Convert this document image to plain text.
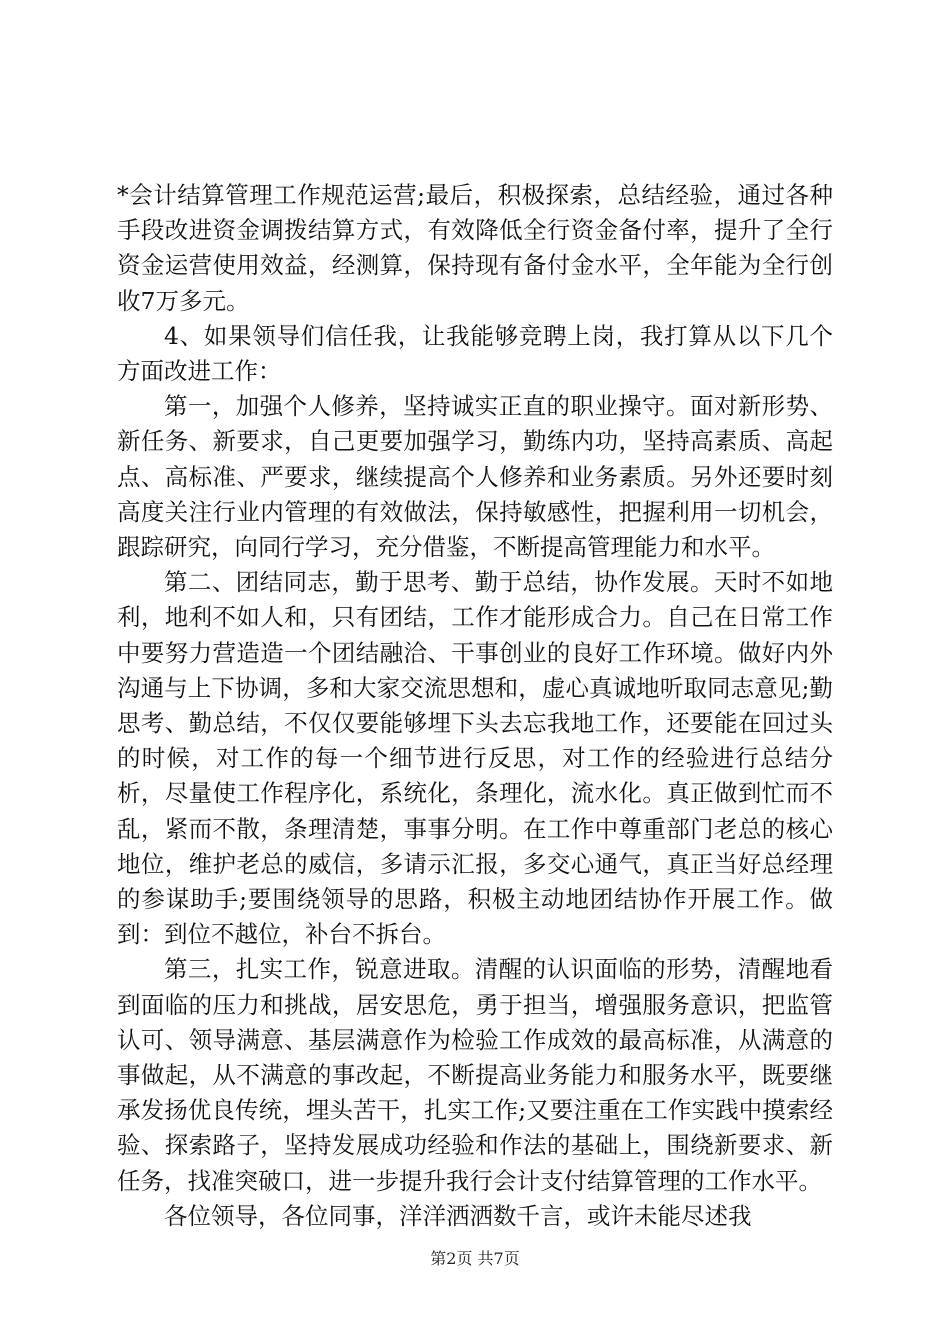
*会计结算管理工作规范运营;最后，积极探索，总结经验，通过各种手段改进资金调拨结算方式，有效降低全行资金备付率，提升了全行资金运营使用效益，经测算，保持现有备付金水平，全年能为全行创收7万多元。

4、如果领导们信任我，让我能够竞聘上岗，我打算从以下几个方面改进工作：

第一，加强个人修养，坚持诚实正直的职业操守。面对新形势、新任务、新要求，自己更要加强学习，勤练内功，坚持高素质、高起点、高标准、严要求，继续提高个人修养和业务素质。另外还要时刻高度关注行业内管理的有效做法，保持敏感性，把握利用一切机会，跟踪研究，向同行学习，充分借鉴，不断提高管理能力和水平。

第二、团结同志，勤于思考、勤于总结，协作发展。天时不如地利，地利不如人和，只有团结，工作才能形成合力。自己在日常工作中要努力营造造一个团结融洽、干事创业的良好工作环境。做好内外沟通与上下协调，多和大家交流思想和，虚心真诚地听取同志意见;勤思考、勤总结，不仅仅要能够埋下头去忘我地工作，还要能在回过头的时候，对工作的每一个细节进行反思，对工作的经验进行总结分析，尽量使工作程序化，系统化，条理化，流水化。真正做到忙而不乱，紧而不散，条理清楚，事事分明。在工作中尊重部门老总的核心地位，维护老总的威信，多请示汇报，多交心通气，真正当好总经理的参谋助手;要围绕领导的思路，积极主动地团结协作开展工作。做到：到位不越位，补台不拆台。

第三，扎实工作，锐意进取。清醒的认识面临的形势，清醒地看到面临的压力和挑战，居安思危，勇于担当，增强服务意识，把监管认可、领导满意、基层满意作为检验工作成效的最高标准，从满意的事做起，从不满意的事改起，不断提高业务能力和服务水平，既要继承发扬优良传统，埋头苦干，扎实工作;又要注重在工作实践中摸索经验、探索路子，坚持发展成功经验和作法的基础上，围绕新要求、新任务，找准突破口，进一步提升我行会计支付结算管理的工作水平。

各位领导，各位同事，洋洋洒洒数千言，或许未能尽述我

第2页 共7页
